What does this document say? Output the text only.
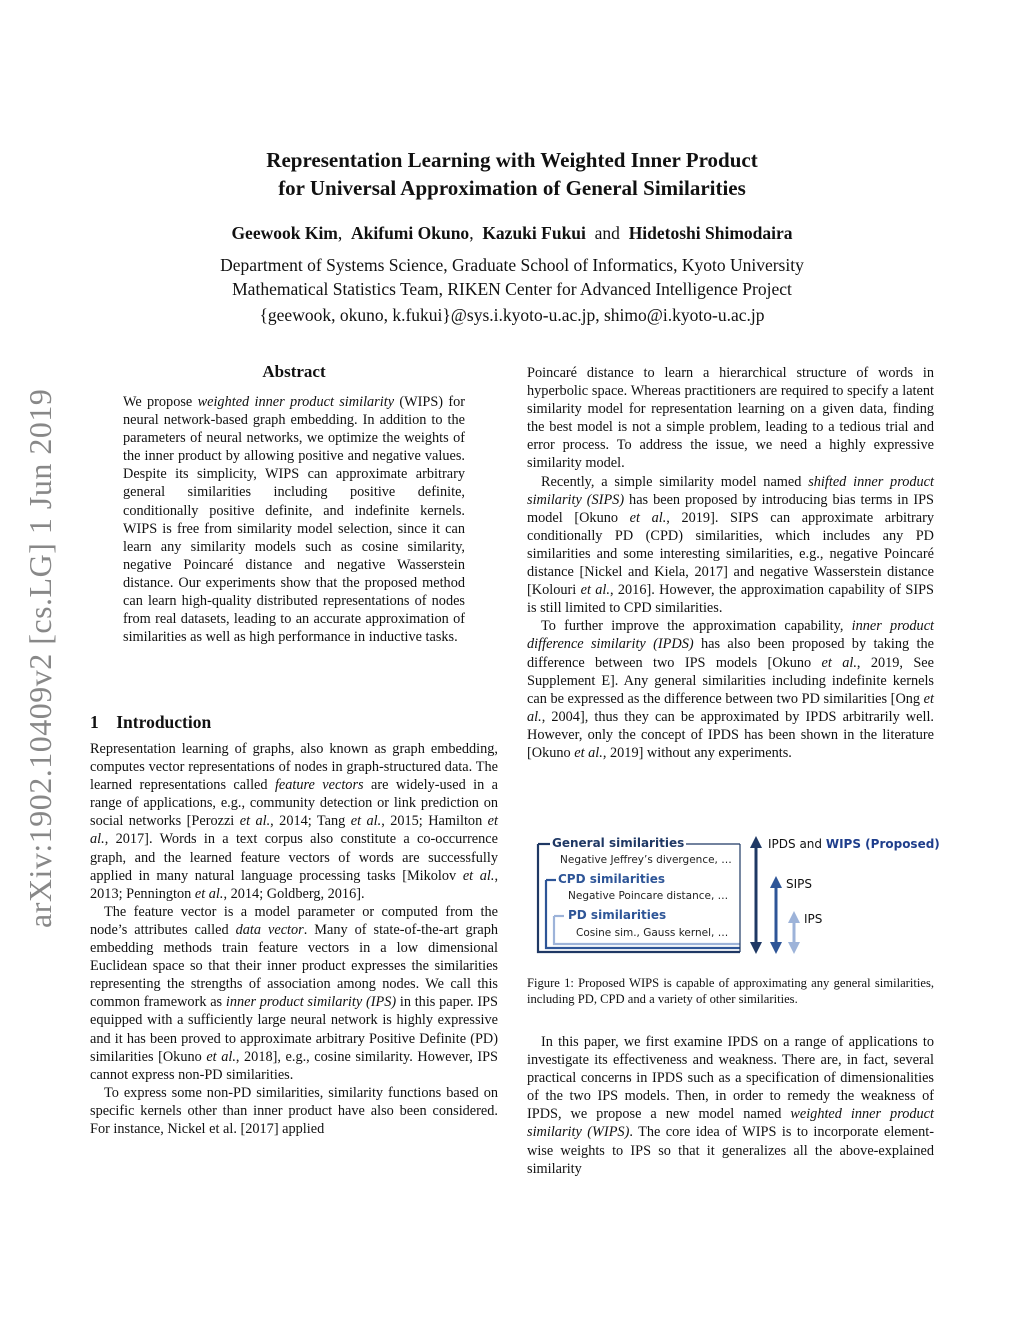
arXiv:1902.10409v2 [cs.LG] 1 Jun 2019
Representation Learning with Weighted Inner Product
for Universal Approximation of General Similarities
Geewook Kim, Akifumi Okuno, Kazuki Fukui and Hidetoshi Shimodaira
Department of Systems Science, Graduate School of Informatics, Kyoto University
Mathematical Statistics Team, RIKEN Center for Advanced Intelligence Project
{geewook, okuno, k.fukui}@sys.i.kyoto-u.ac.jp, shimo@i.kyoto-u.ac.jp
Abstract

We propose weighted inner product similarity (WIPS) for neural network-based graph embedding. In addition to the parameters of neural networks, we optimize the weights of the inner product by allowing positive and negative values. Despite its simplicity, WIPS can approximate arbitrary general similarities including positive definite, conditionally positive definite, and indefinite kernels. WIPS is free from similarity model selection, since it can learn any similarity models such as cosine similarity, negative Poincaré distance and negative Wasserstein distance. Our experiments show that the proposed method can learn high-quality distributed representations of nodes from real datasets, leading to an accurate approximation of similarities as well as high performance in inductive tasks.

1    Introduction

Representation learning of graphs, also known as graph embedding, computes vector representations of nodes in graph-structured data. The learned representations called feature vectors are widely-used in a range of applications, e.g., community detection or link prediction on social networks [Perozzi et al., 2014; Tang et al., 2015; Hamilton et al., 2017]. Words in a text corpus also constitute a co-occurrence graph, and the learned feature vectors of words are successfully applied in many natural language processing tasks [Mikolov et al., 2013; Pennington et al., 2014; Goldberg, 2016].

The feature vector is a model parameter or computed from the node’s attributes called data vector. Many of state-of-the-art graph embedding methods train feature vectors in a low dimensional Euclidean space so that their inner product expresses the similarities representing the strengths of association among nodes. We call this common framework as inner product similarity (IPS) in this paper. IPS equipped with a sufficiently large neural network is highly expressive and it has been proved to approximate arbitrary Positive Definite (PD) similarities [Okuno et al., 2018], e.g., cosine similarity. However, IPS cannot express non-PD similarities.

To express some non-PD similarities, similarity functions based on specific kernels other than inner product have also been considered. For instance, Nickel et al. [2017] applied

Poincaré distance to learn a hierarchical structure of words in hyperbolic space. Whereas practitioners are required to specify a latent similarity model for representation learning on a given data, finding the best model is not a simple problem, leading to a tedious trial and error process. To address the issue, we need a highly expressive similarity model.

Recently, a simple similarity model named shifted inner product similarity (SIPS) has been proposed by introducing bias terms in IPS model [Okuno et al., 2019]. SIPS can approximate arbitrary conditionally PD (CPD) similarities, which includes any PD similarities and some interesting similarities, e.g., negative Poincaré distance [Nickel and Kiela, 2017] and negative Wasserstein distance [Kolouri et al., 2016]. However, the approximation capability of SIPS is still limited to CPD similarities.

To further improve the approximation capability, inner product difference similarity (IPDS) has also been proposed by taking the difference between two IPS models [Okuno et al., 2019, See Supplement E]. Any general similarities including indefinite kernels can be expressed as the difference between two PD similarities [Ong et al., 2004], thus they can be approximated by IPDS arbitrarily well. However, only the concept of IPDS has been shown in the literature [Okuno et al., 2019] without any experiments.

General similarities
Negative Jeffrey’s divergence, …
CPD similarities
Negative Poincare distance, …
PD similarities
Cosine sim., Gauss kernel, …
IPDS and WIPS (Proposed)
SIPS
IPS
Figure 1: Proposed WIPS is capable of approximating any general similarities, including PD, CPD and a variety of other similarities.

In this paper, we first examine IPDS on a range of applications to investigate its effectiveness and weakness. There are, in fact, several practical concerns in IPDS such as a specification of dimensionalities of the two IPS models. Then, in order to remedy the weakness of IPDS, we propose a new model named weighted inner product similarity (WIPS). The core idea of WIPS is to incorporate element-wise weights to IPS so that it generalizes all the above-explained similarity
